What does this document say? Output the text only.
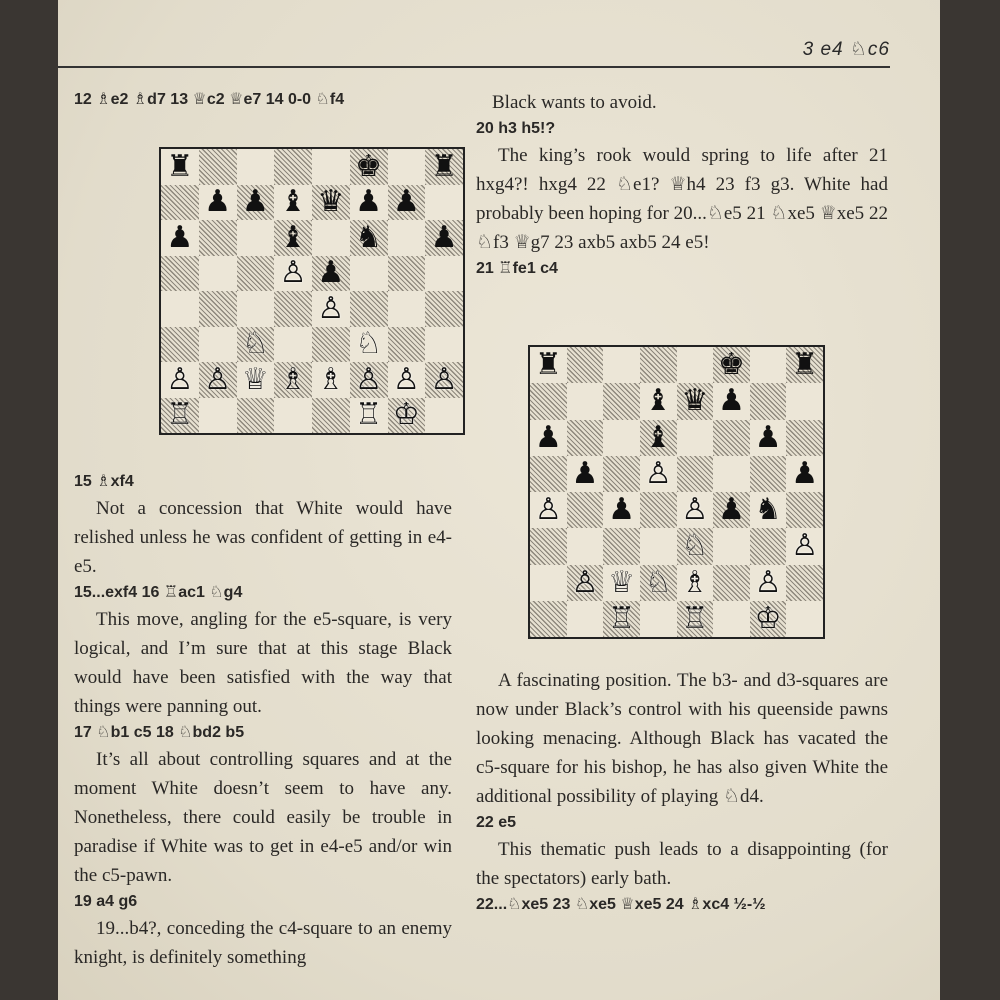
3 e4 ♘c6

12 ♗e2 ♗d7 13 ♕c2 ♕e7 14 0-0 ♘f4

♜	♚ ♜
♟ ♟ ♝ ♛ ♟ ♟
♟	♝ ♞ ♟
♙ ♟
♙
♘	♘
♙ ♙ ♕ ♗ ♗ ♙ ♙ ♙
♖	♖ ♔

15 ♗xf4

Not a concession that White would have relished unless he was confident of getting in e4-e5.

15...exf4 16 ♖ac1 ♘g4

This move, angling for the e5-square, is very logical, and I’m sure that at this stage Black would have been satisfied with the way that things were panning out.

17 ♘b1 c5 18 ♘bd2 b5

It’s all about controlling squares and at the moment White doesn’t seem to have any. Nonetheless, there could easily be trouble in paradise if White was to get in e4-e5 and/or win the c5-pawn.

19 a4 g6

19...b4?, conceding the c4-square to an enemy knight, is definitely something

Black wants to avoid.

20 h3 h5!?

The king’s rook would spring to life after 21 hxg4?! hxg4 22 ♘e1? ♕h4 23 f3 g3. White had probably been hoping for 20...♘e5 21 ♘xe5 ♕xe5 22 ♘f3 ♕g7 23 axb5 axb5 24 e5!

21 ♖fe1 c4

♜	♚ ♜
♝ ♛ ♟
♟	♝	♟
♟ ♙	♟
♙ ♟ ♙ ♟ ♞
♘	♙
♙ ♕ ♘ ♗ ♙
♖ ♖ ♔

A fascinating position. The b3- and d3-squares are now under Black’s control with his queenside pawns looking menacing. Although Black has vacated the c5-square for his bishop, he has also given White the additional possibility of playing ♘d4.

22 e5

This thematic push leads to a disappointing (for the spectators) early bath.

22...♘xe5 23 ♘xe5 ♕xe5 24 ♗xc4 ½-½
